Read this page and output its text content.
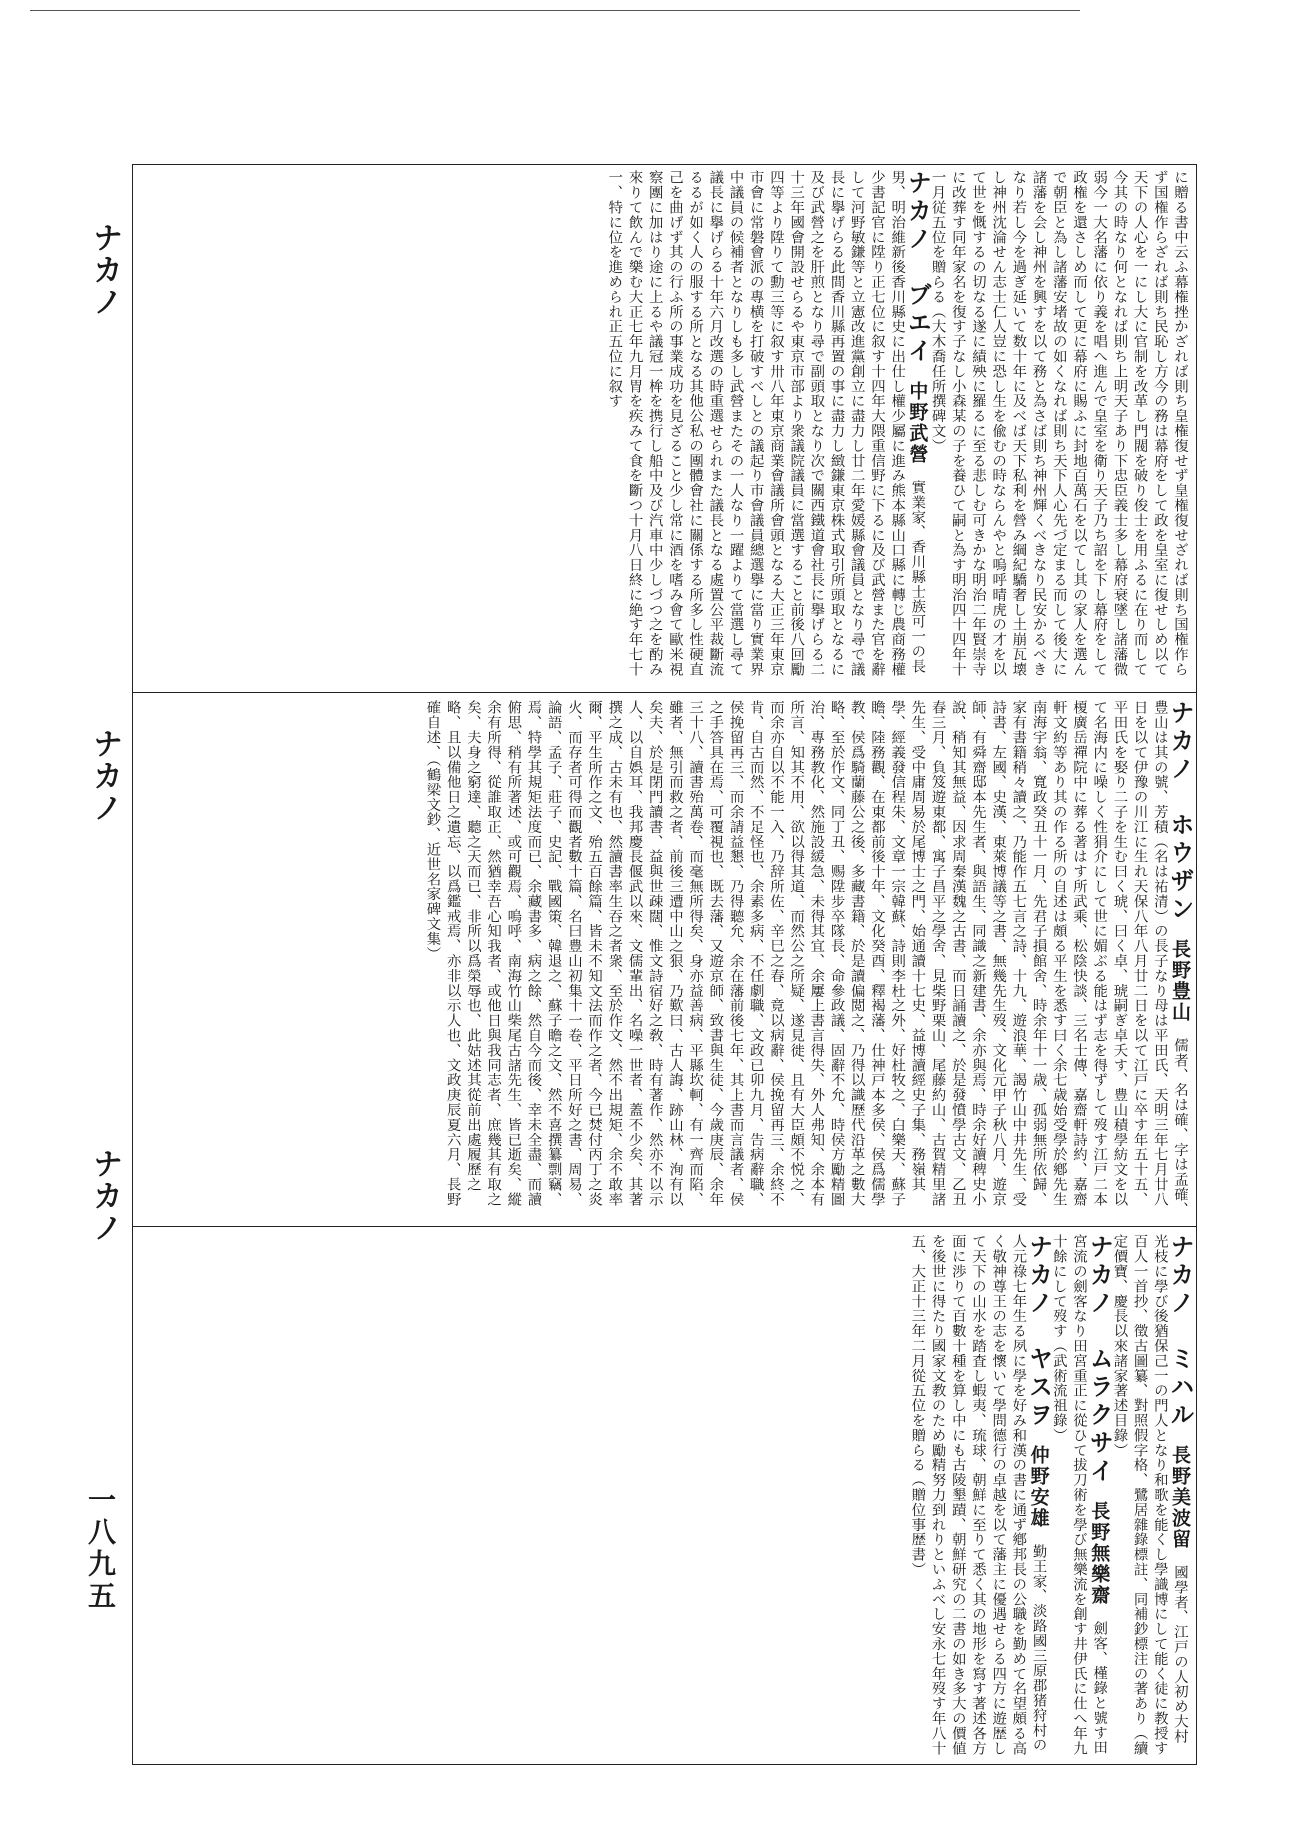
ナカノ
ナカノ
ナカノ
一八九五
に贈る書中云ふ幕権挫かざれば則ち皇権復せず皇権復せざれば則ち国権作らず国権作らざれば則ち民恥し方今の務は幕府をして政を皇室に復せしめ以て天下の人心を一にし大に官制を改革し門閥を破り俊士を用ふるに在り而して今其の時なり何となれば則ち上明天子あり下忠臣義士多し幕府衰墜し諸藩微弱今一大名藩に依り義を唱へ進んで皇室を衛り天子乃ち詔を下し幕府をして政権を還さしめ而して更に幕府に賜ふに封地百萬石を以てし其の家人を選んで朝臣と為し諸藩安堵故の如くなれば則ち天下人心先づ定まる而して後大に諸藩を会し神州を興すを以て務と為さば則ち神州輝くべきなり民安かるべきなり若し今を過ぎ延いて数十年に及べば天下私利を營み綱紀驕奢し土崩瓦壊し神州沈淪せん志士仁人豈に恐し生を偸むの時ならんやと嗚呼晴虎の才を以て世を慨するの切なる遂に績殃に羅るに至る悲しむ可きかな明治二年賢崇寺に改葬す同年家名を復す子なし小森某の子を養ひて嗣と為す明治四十四年十一月従五位を贈らる（大木喬任所撰碑文）
ナカノ　ブエイ　中野武營　實業家、香川縣士族可一の長男、明治維新後香川縣史に出仕し權少屬に進み熊本縣山口縣に轉じ農商務權少書記官に陞り正七位に叙す十四年大隈重信野に下るに及び武營また官を辭して河野敏鎌等と立憲改進黨創立に盡力し廿二年愛媛縣會議員となり尋で議長に擧げらる此間香川縣再置の事に盡力し緻鎌東京株式取引所頭取となるに及び武營之を肝煎となり尋で副頭取となり次で關西鐵道會社長に擧げらる二十三年國會開設せらるや東京市部より衆議院議員に當選すること前後八回勵四等より陞りて勳三等に叙す卅八年東京商業會議所會頭となる大正三年東京市會に常磐會派の專横を打破すべしとの議起り市會議員總選擧に當り實業界中議員の候補者となりしも多し武營またその一人なり一躍よりて當選し尋て議長に擧げらる十年六月改選の時重選せられまた議長となる處置公平裁斷流るるが如く人の服する所となる其他公私の團體會社に關係する所多し性硬直己を曲げず其の行ふ所の事業成功を見ざること少し常に酒を嗜み會て歐米視察團に加はり途に上るや議冠一桙を携行し船中及び汽車中少しづつ之を酌み來りて飲んで樂む大正七年九月胃を疾みて食を斷つ十月八日終に絶す年七十一、特に位を進められ正五位に叙す
ナカノ　ホウザン　長野豊山　儒者、名は確、字は孟確、豊山は其の號、芳積（名は祐清）の長子なり母は平田氏、天明三年七月廿八日を以て伊豫の川江に生れ天保八年八月廿二日を以て江戸に卒す年五十五、平田氏を娶り二子を生む曰く琥、曰く卓、琥嗣ぎ卓夭す、豊山積學紡文を以て名海内に噪しく性狷介にして世に媚ぶる能はず志を得ずして歿す江戸二本榎廣岳禪院中に葬る著はす所武乘、松陰快談、三名士傳、嘉齋軒詩約、嘉齋軒文約等あり其の作る所の自述は頗る平生を悉す曰く余七歳始受學於鄕先生南海宇翁、寬政癸丑十一月、先君子損館舍、時余年十一歳、孤弱無所依歸、家有書籍稍々讀之、乃能作五七言之詩、十九、遊浪華、謁竹山中井先生、受詩書、左國、史漢、東萊博議等之書、無幾先生歿、文化元甲子秋八月、遊京師、有舜齋邸本先生者、與語生、同識之新建書、余亦與焉、時余好讀稗史小說、稍知其無益、因求周秦漢魏之古書、而日誦讀之、於是發憤學古文、乙丑春三月、負笈遊東都、寓子昌平之學舍、見柴野栗山、尾藤約山、古賀精里諸先生、受中庸周易於尾博士之門、始通讀十七史、益博讀經史子集、務嶺其學、經義發信程朱、文章一宗韓蘇、詩則李杜之外、好杜牧之、白樂天、蘇子瞻、陸務觀、在東都前後十年、文化癸酉、釋褐藩、仕神戸本多侯、侯爲儒學教、侯爲騎蘭藤公之後、多藏書籍、於是讀偏閲之、乃得以識歷代沿革之數大略、至於作文、同丁丑、赐陞步卒隊長、命參政議、固辭不允、時侯方勵精圖治、專務教化、然施設緩急、未得其宜、余屢上書言得失、外人弗知、余本有所言、知其不用、欲以得其道、而然公之所疑、遂見徙、且有大臣頗不悦之、而余亦自以不能一入、乃辞所佐、辛巳之春、竟以病辭、侯挽留再三、余終不肯、自古而然、不足怪也、余素多病、不任劇職、文政已卯九月、告病辭職、侯挽留再三、而余請益懇、乃得聽允、余在藩前後七年、其上書而言議者、侯之手答具在焉、可覆視也、既去藩、又遊京師、致書與生徒、今歲庚辰、余年三十八、讀書殆萬卷、而毫無所得矣、身亦益善病、平縣坎軻、有一齊而陷、雖者、無引而救之者、前後三遭中山之狠、乃歎曰、古人誨、跡山林、洵有以矣夫、於是閉門讀書、益與世疎闊、惟文詩宿好之敎、時有著作、然亦不以示人、以自娯耳、我邦慶長偃武以來、文儒輩出、名噪一世者、蓋不少矣、其著撰之成、古未有也、然讀書率生吞之者衆、至於作文、然不出規矩、余不敢率爾、平生所作之文、殆五百餘篇、皆未不知文法而作之者、今已焚付丙丁之炎火、而存者可得而觀者數十篇、名曰豊山初集十一卷、平日所好之書、周易、論語、孟子、莊子、史記、戰國策、韓退之、蘇子瞻之文、然不喜撰纂剽竊、焉、特學其規矩法度而已、余藏書多、病之餘、然自今而後、幸未全盡、而讀俯思、稍有所著述、或可觀焉、嗚呼、南海竹山柴尾古諸先生、皆已逝矣、縱余有所得、從誰取正、然猶幸吾心知我者、或他日與我同志者、庶幾其有取之矣、夫身之窮達、聽之天而已、非所以爲榮辱也、此姑述其從前出處履歷之略、且以備他日之遺忘、以爲鑑戒焉、亦非以示人也、文政庚辰夏六月、長野確自述、（鶴梁文鈔、近世名家碑文集）
ナカノ　ミハル　長野美波留　國學者、江戸の人初め大村光枝に學び後猶保己一の門人となり和歌を能くし學識博にして能く徒に教授す百人一首抄、徵古圖纂、對照假字格、鷺居雜錄標註、同補鈔標注の著あり（續定價寶、慶長以來諸家著述目錄）
ナカノ　ムラクサイ　長野無樂齋　劍客、槿錄と號す田宮流の劍客なり田宮重正に從ひて拔刀術を學び無樂流を創す井伊氏に仕へ年九十餘にして歿す（武術流祖錄）
ナカノ　ヤスヲ　仲野安雄　勤王家、淡路國三原郡猪狩村の人元祿七年生る夙に學を好み和漢の書に通ず鄕邦長の公職を勤めて名望頗る高く敬神尊王の志を懷いて學問德行の卓越を以て藩主に優遇せらる四方に遊歴して天下の山水を踏査し蝦夷、琉球、朝鮮に至りて悉く其の地形を寫す著述各方面に渉りて百數十種を算し中にも古陵墾蹟、朝鮮研究の二書の如き多大の價値を後世に得たり國家文教のため勵精努力到れりといふべし安永七年歿す年八十五、大正十三年二月從五位を贈らる（贈位事歴書）
